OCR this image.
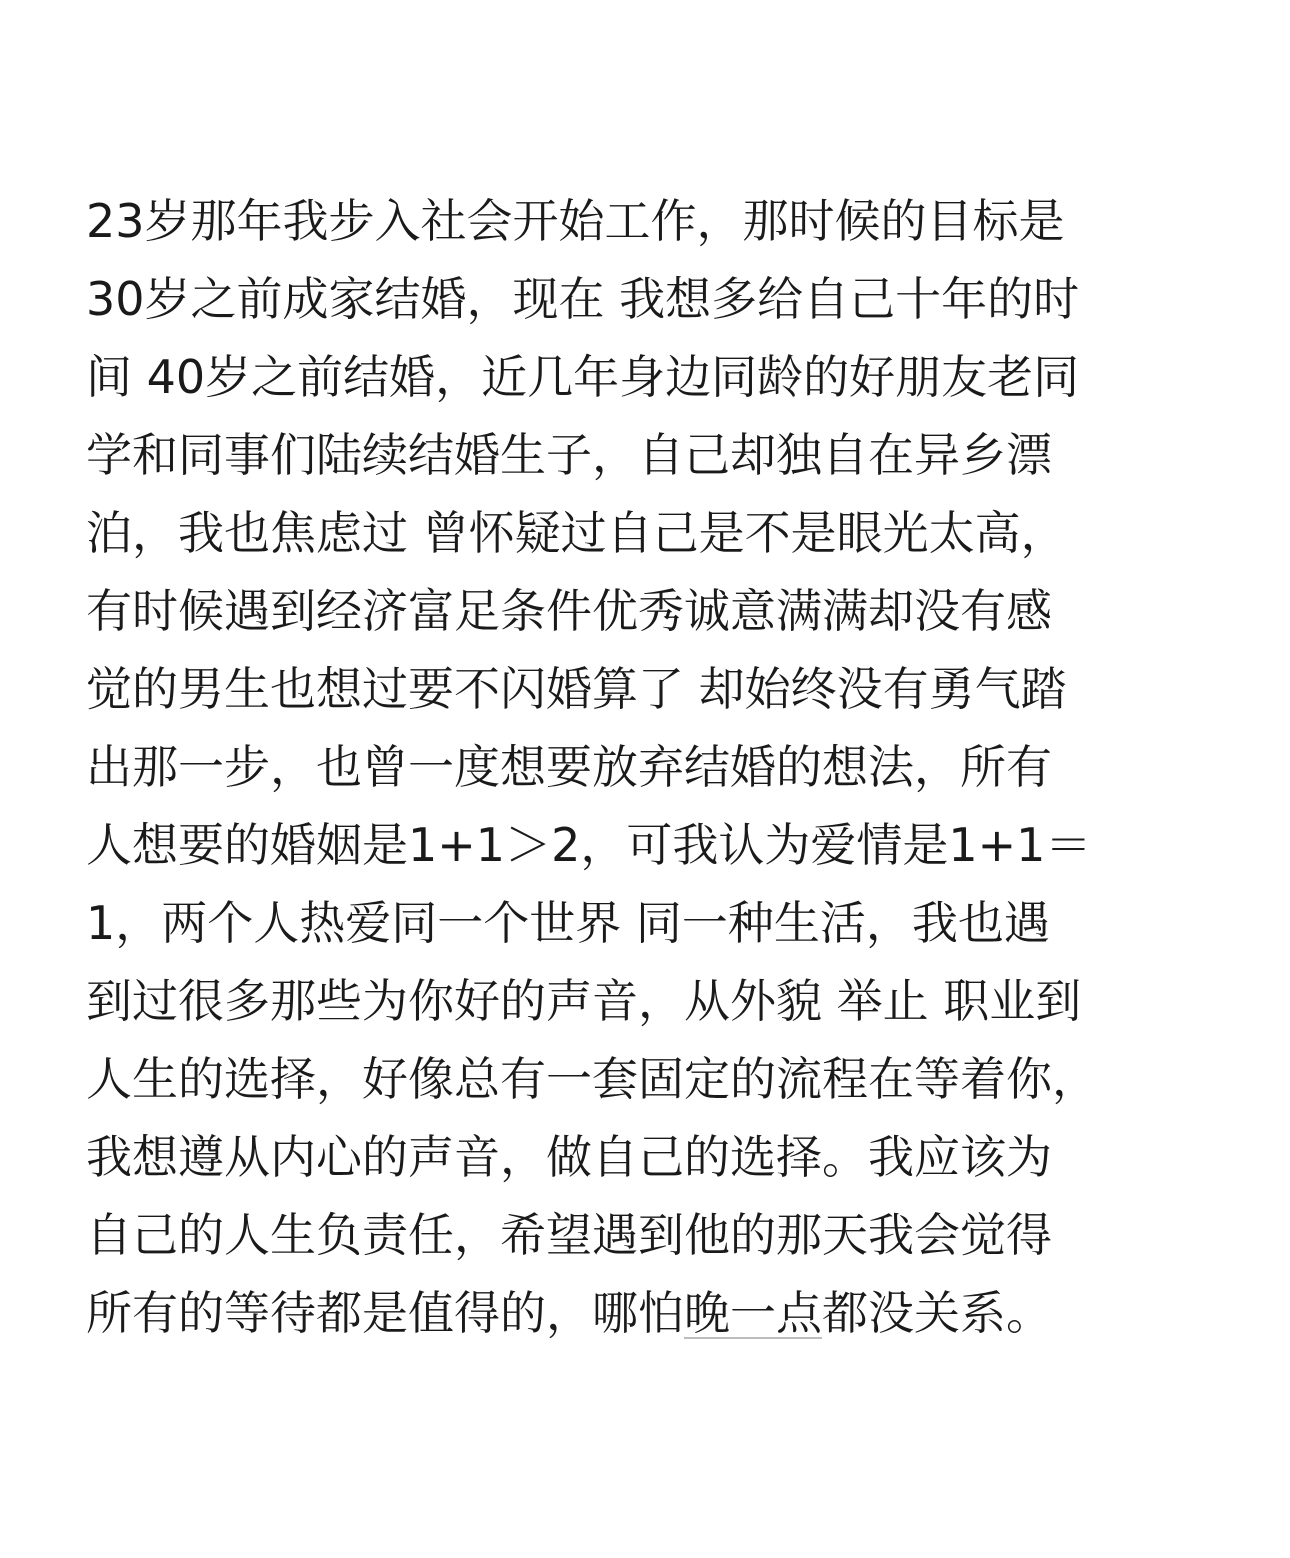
23岁那年我步入社会开始工作，那时候的目标是
30岁之前成家结婚，现在 我想多给自己十年的时
间 40岁之前结婚，近几年身边同龄的好朋友老同
学和同事们陆续结婚生子，自己却独自在异乡漂
泊，我也焦虑过 曾怀疑过自己是不是眼光太高，
有时候遇到经济富足条件优秀诚意满满却没有感
觉的男生也想过要不闪婚算了 却始终没有勇气踏
出那一步，也曾一度想要放弃结婚的想法，所有
人想要的婚姻是1+1＞2，可我认为爱情是1+1＝
1，两个人热爱同一个世界 同一种生活，我也遇
到过很多那些为你好的声音，从外貌 举止 职业到
人生的选择，好像总有一套固定的流程在等着你，
我想遵从内心的声音，做自己的选择。我应该为
自己的人生负责任，希望遇到他的那天我会觉得
所有的等待都是值得的，哪怕晚一点都没关系。
